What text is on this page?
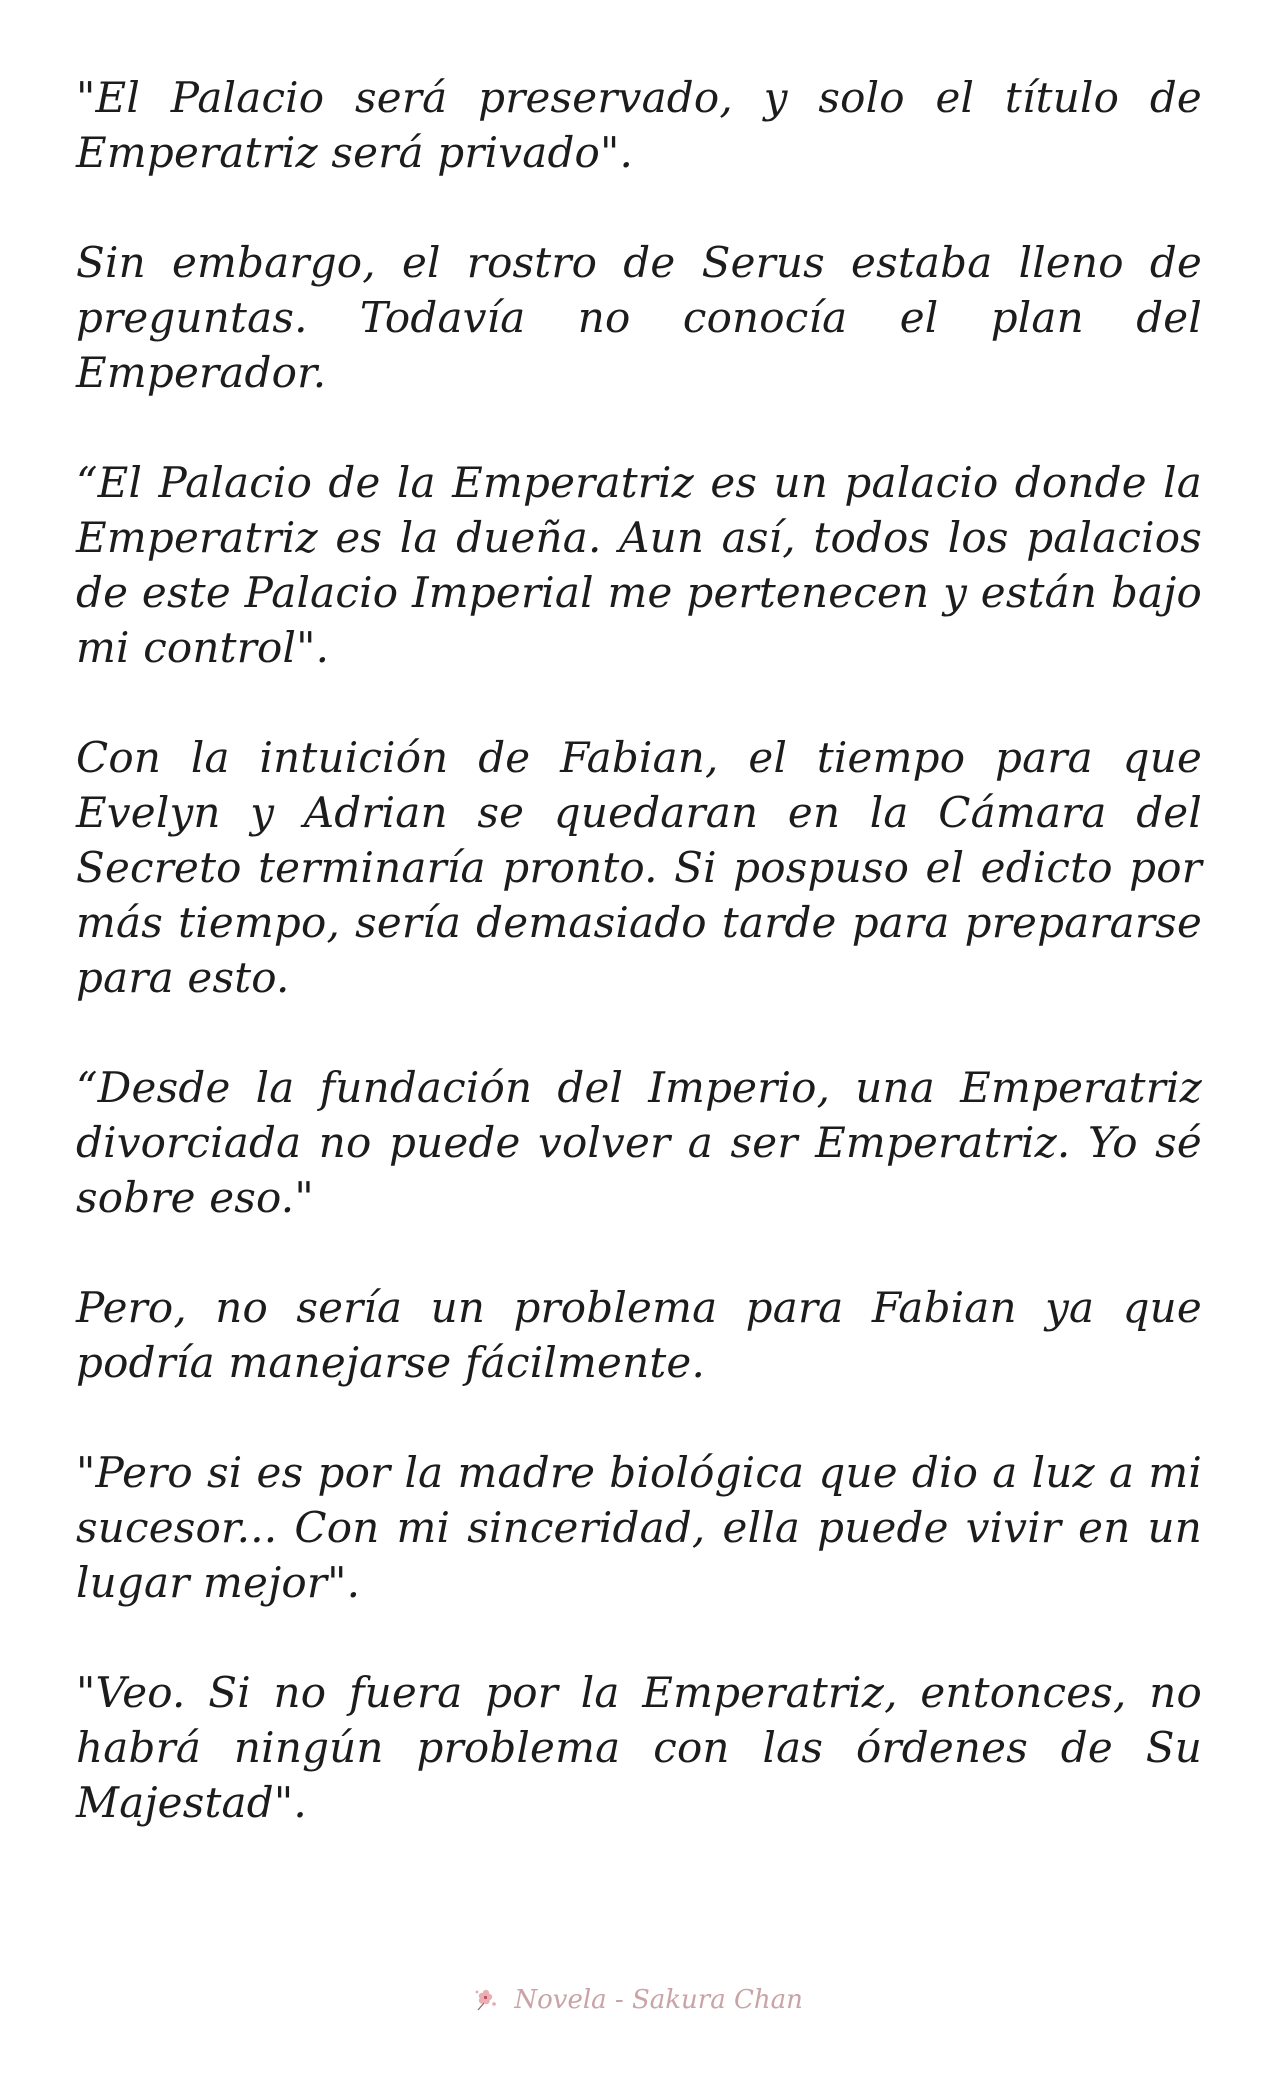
"El Palacio será preservado, y solo el título de Emperatriz será privado".

Sin embargo, el rostro de Serus estaba lleno de preguntas. Todavía no conocía el plan del Emperador.

“El Palacio de la Emperatriz es un palacio donde la Emperatriz es la dueña. Aun así, todos los palacios de este Palacio Imperial me pertenecen y están bajo mi control".

Con la intuición de Fabian, el tiempo para que Evelyn y Adrian se quedaran en la Cámara del Secreto terminaría pronto. Si pospuso el edicto por más tiempo, sería demasiado tarde para prepararse para esto.

“Desde la fundación del Imperio, una Emperatriz divorciada no puede volver a ser Emperatriz. Yo sé sobre eso."

Pero, no sería un problema para Fabian ya que podría manejarse fácilmente.

"Pero si es por la madre biológica que dio a luz a mi sucesor... Con mi sinceridad, ella puede vivir en un lugar mejor".

"Veo. Si no fuera por la Emperatriz, entonces, no habrá ningún problema con las órdenes de Su Majestad".

Novela - Sakura Chan
